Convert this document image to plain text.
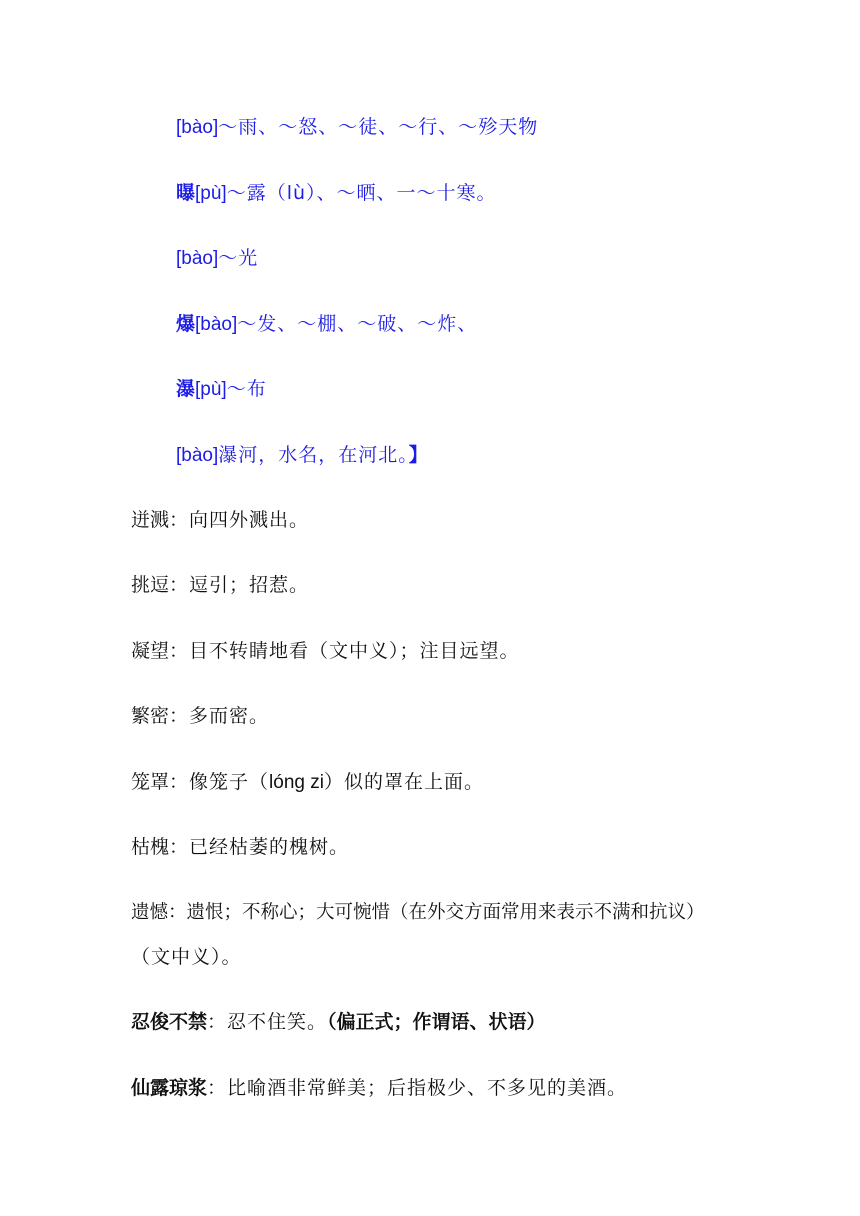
[bào]～雨、～怒、～徒、～行、～殄天物
曝[pù]～露（lù）、～晒、一～十寒。
[bào]～光
爆[bào]～发、～棚、～破、～炸、
瀑[pù]～布
[bào]瀑河，水名，在河北。】
迸溅：向四外溅出。
挑逗：逗引；招惹。
凝望：目不转睛地看（文中义）；注目远望。
繁密：多而密。
笼罩：像笼子（lóng zi）似的罩在上面。
枯槐：已经枯萎的槐树。
遗憾：遗恨；不称心；大可惋惜（在外交方面常用来表示不满和抗议）
（文中义）。
忍俊不禁：忍不住笑。（偏正式；作谓语、状语）
仙露琼浆：比喻酒非常鲜美；后指极少、不多见的美酒。
